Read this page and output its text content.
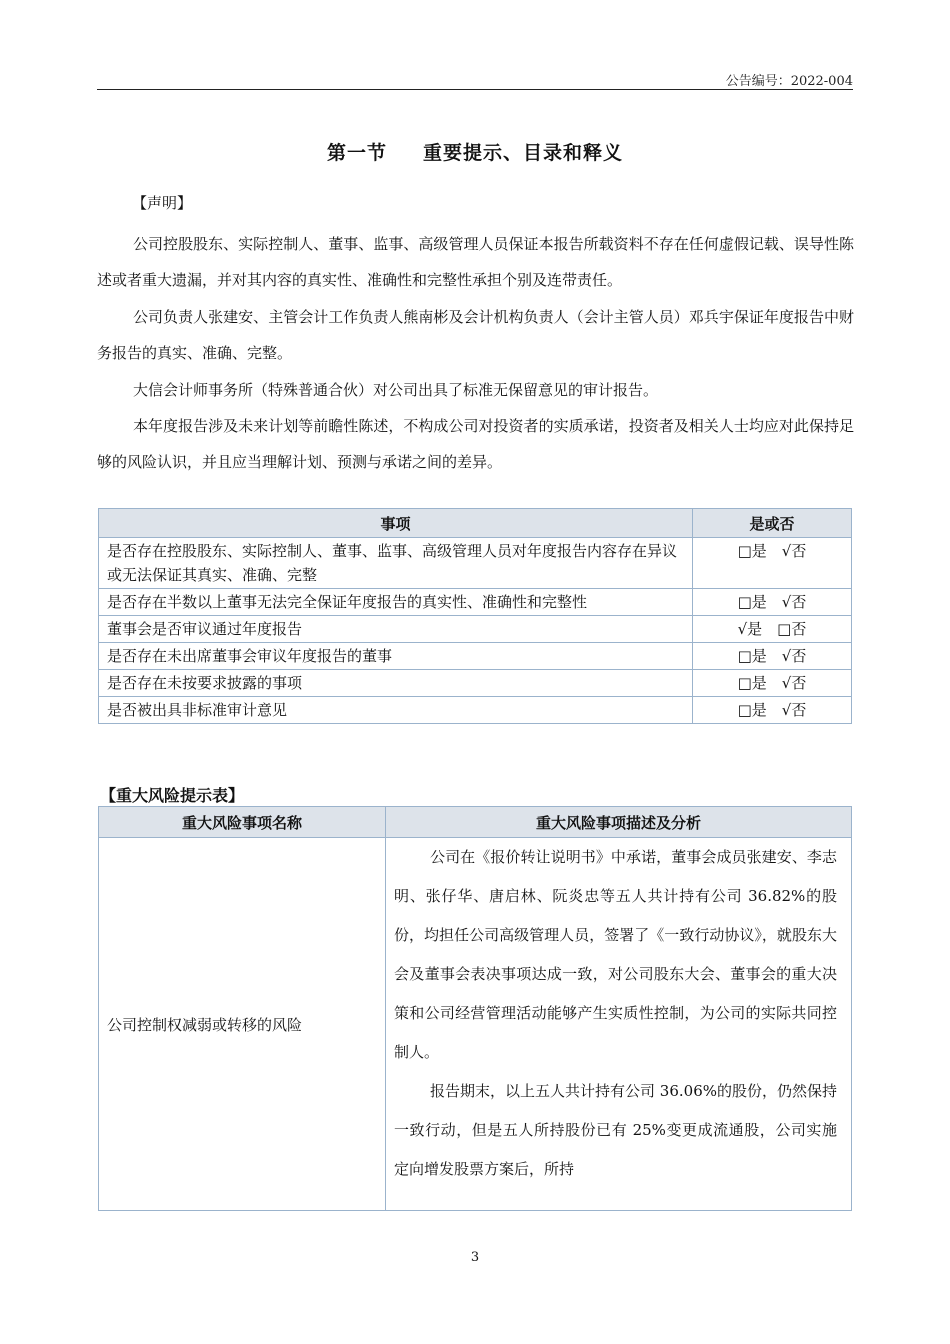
公告编号：2022-004
第一节 重要提示、目录和释义
【声明】
公司控股股东、实际控制人、董事、监事、高级管理人员保证本报告所载资料不存在任何虚假记载、误导性陈述或者重大遗漏，并对其内容的真实性、准确性和完整性承担个别及连带责任。
公司负责人张建安、主管会计工作负责人熊南彬及会计机构负责人（会计主管人员）邓兵宇保证年度报告中财务报告的真实、准确、完整。
大信会计师事务所（特殊普通合伙）对公司出具了标准无保留意见的审计报告。
本年度报告涉及未来计划等前瞻性陈述，不构成公司对投资者的实质承诺，投资者及相关人士均应对此保持足够的风险认识，并且应当理解计划、预测与承诺之间的差异。
事项	是或否
是否存在控股股东、实际控制人、董事、监事、高级管理人员对年度报告内容存在异议或无法保证其真实、准确、完整	□是　√否
是否存在半数以上董事无法完全保证年度报告的真实性、准确性和完整性	□是　√否
董事会是否审议通过年度报告	√是　□否
是否存在未出席董事会审议年度报告的董事	□是　√否
是否存在未按要求披露的事项	□是　√否
是否被出具非标准审计意见	□是　√否
【重大风险提示表】
重大风险事项名称	重大风险事项描述及分析
公司控制权减弱或转移的风险	公司在《报价转让说明书》中承诺，董事会成员张建安、李志明、张仔华、唐启林、阮炎忠等五人共计持有公司 36.82%的股份，均担任公司高级管理人员，签署了《一致行动协议》，就股东大会及董事会表决事项达成一致，对公司股东大会、董事会的重大决策和公司经营管理活动能够产生实质性控制，为公司的实际共同控制人。

报告期末，以上五人共计持有公司 36.06%的股份，仍然保持一致行动，但是五人所持股份已有 25%变更成流通股，公司实施定向增发股票方案后，所持

3
